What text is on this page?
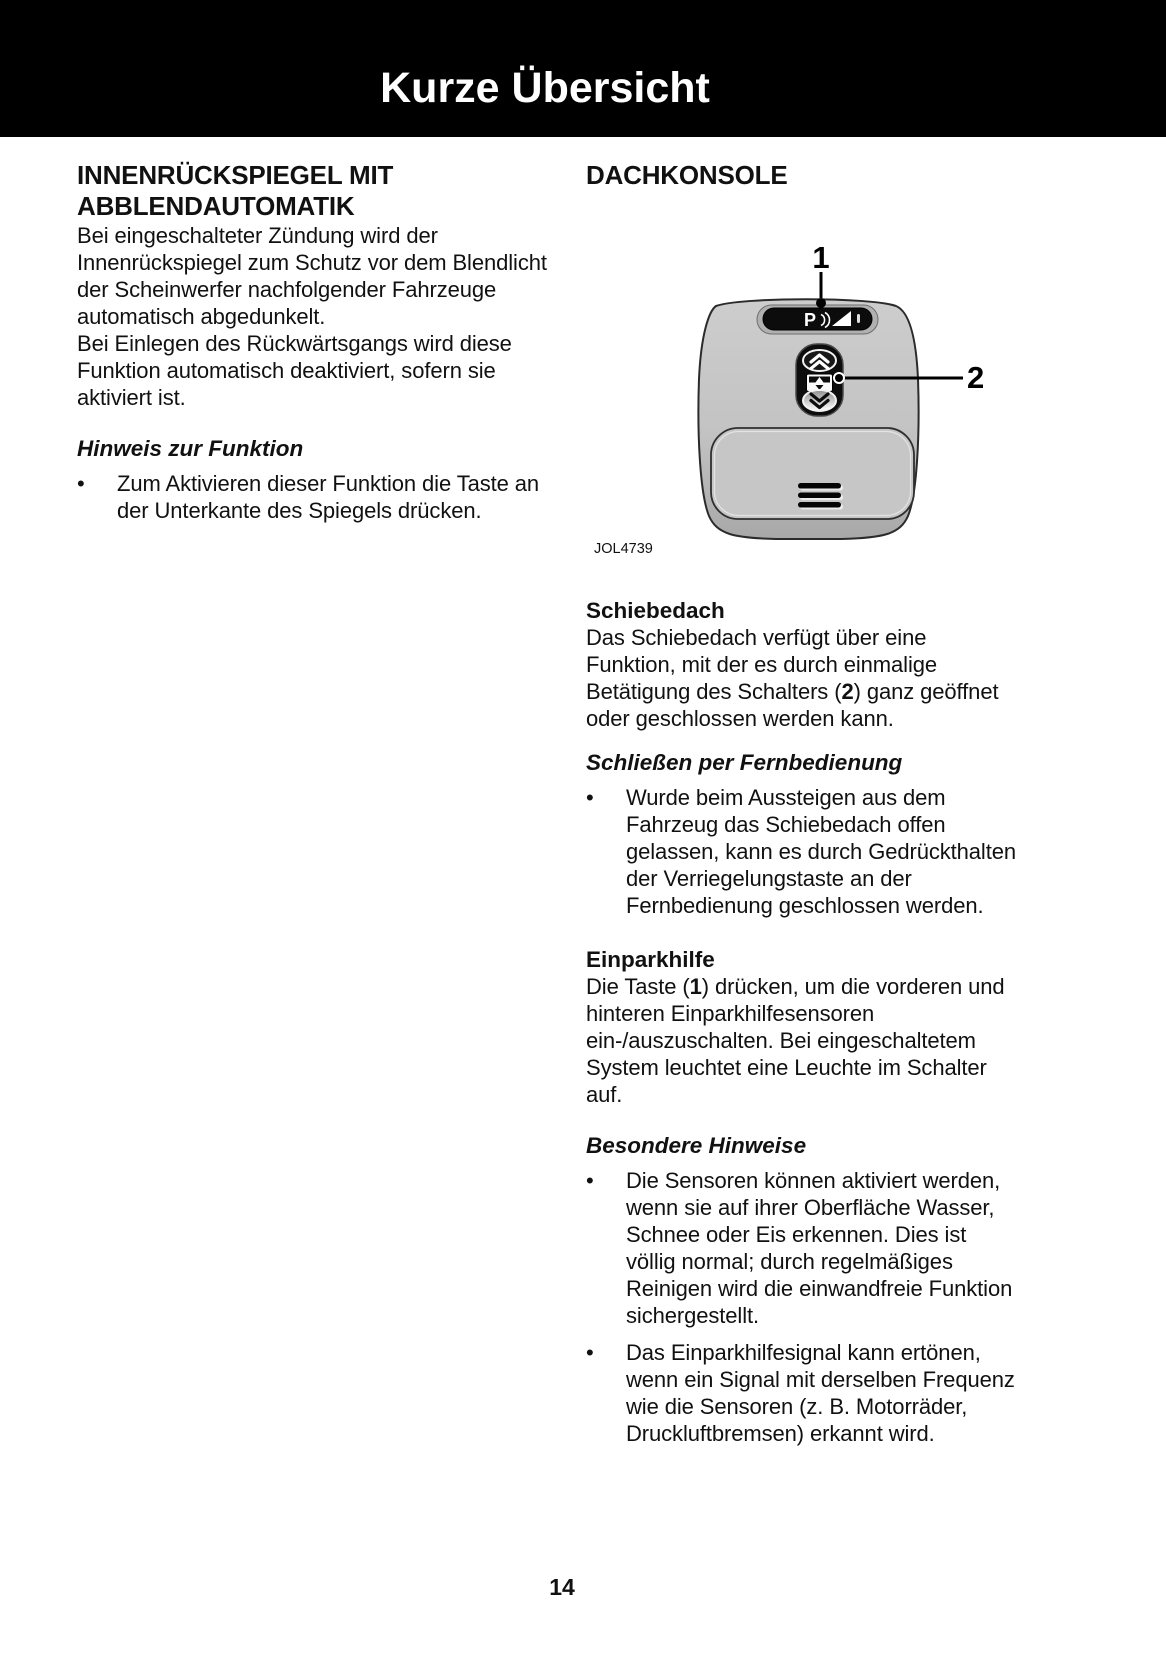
Kurze Übersicht
INNENRÜCKSPIEGEL MIT ABBLENDAUTOMATIK

Bei eingeschalteter Zündung wird der Innenrückspiegel zum Schutz vor dem Blendlicht der Scheinwerfer nachfolgender Fahrzeuge automatisch abgedunkelt.

Bei Einlegen des Rückwärtsgangs wird diese Funktion automatisch deaktiviert, sofern sie aktiviert ist.

Hinweis zur Funktion
•	Zum Aktivieren dieser Funktion die Taste an der Unterkante des Spiegels drücken.
DACHKONSOLE
P
1
2
JOL4739
Schiebedach

Das Schiebedach verfügt über eine Funktion, mit der es durch einmalige Betätigung des Schalters (2) ganz geöffnet oder geschlossen werden kann.

Schließen per Fernbedienung
•	Wurde beim Aussteigen aus dem Fahrzeug das Schiebedach offen gelassen, kann es durch Gedrückthalten der Verriegelungstaste an der Fernbedienung geschlossen werden.
Einparkhilfe

Die Taste (1) drücken, um die vorderen und hinteren Einparkhilfesensoren ein-⁠/⁠auszuschalten. Bei eingeschaltetem System leuchtet eine Leuchte im Schalter auf.

Besondere Hinweise
•	Die Sensoren können aktiviert werden, wenn sie auf ihrer Oberfläche Wasser, Schnee oder Eis erkennen. Dies ist völlig normal; durch regelmäßiges Reinigen wird die einwandfreie Funktion sichergestellt.
•	Das Einparkhilfesignal kann ertönen, wenn ein Signal mit derselben Frequenz wie die Sensoren (z. B. Motorräder, Druckluftbremsen) erkannt wird.
14
